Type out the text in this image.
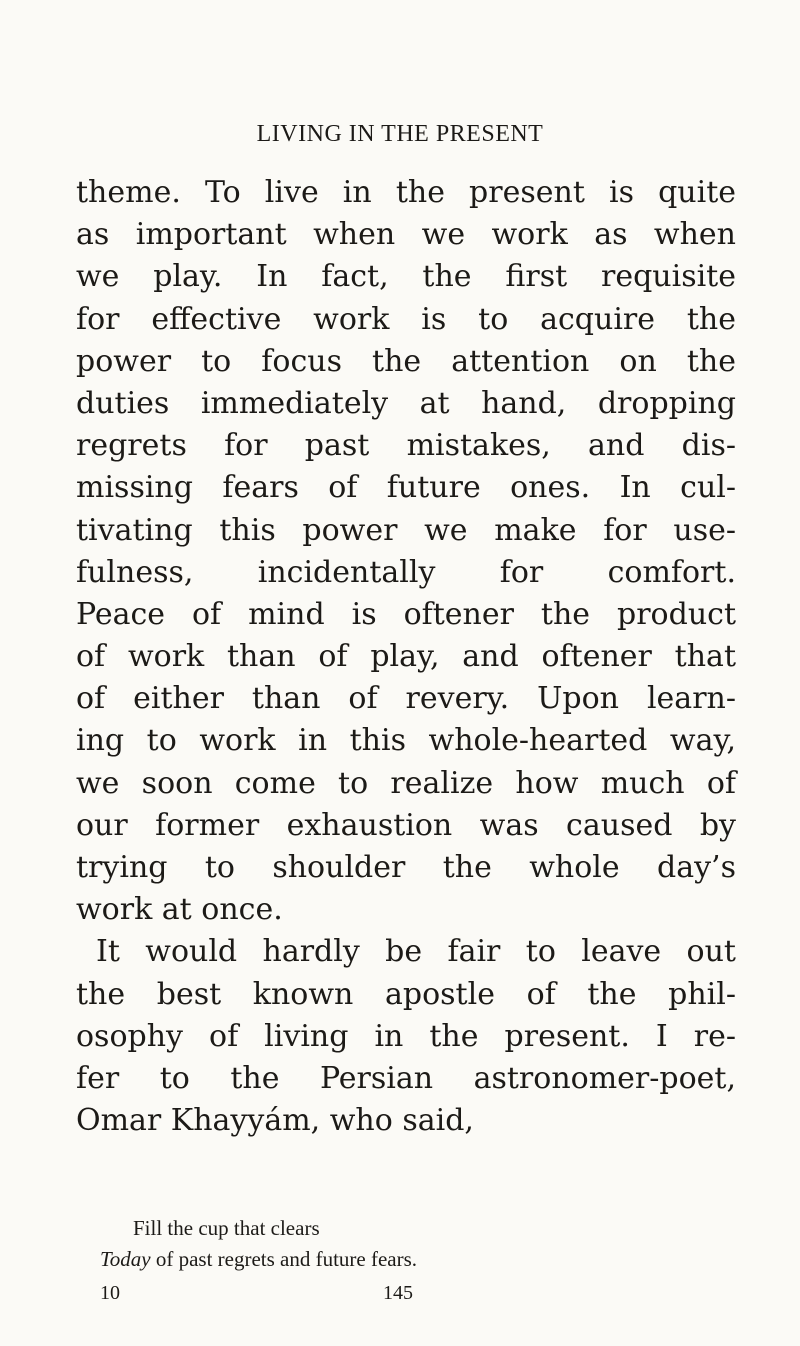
LIVING IN THE PRESENT
theme. To live in the present is quite
as important when we work as when
we play. In fact, the first requisite
for effective work is to acquire the
power to focus the attention on the
duties immediately at hand, dropping
regrets for past mistakes, and dis-
missing fears of future ones. In cul-
tivating this power we make for use-
fulness, incidentally for comfort.
Peace of mind is oftener the product
of work than of play, and oftener that
of either than of revery. Upon learn-
ing to work in this whole-hearted way,
we soon come to realize how much of
our former exhaustion was caused by
trying to shoulder the whole day’s
work at once.
It would hardly be fair to leave out
the best known apostle of the phil-
osophy of living in the present. I re-
fer to the Persian astronomer-poet,
Omar Khayyám, who said,
Fill the cup that clears
Today of past regrets and future fears.
10	145
